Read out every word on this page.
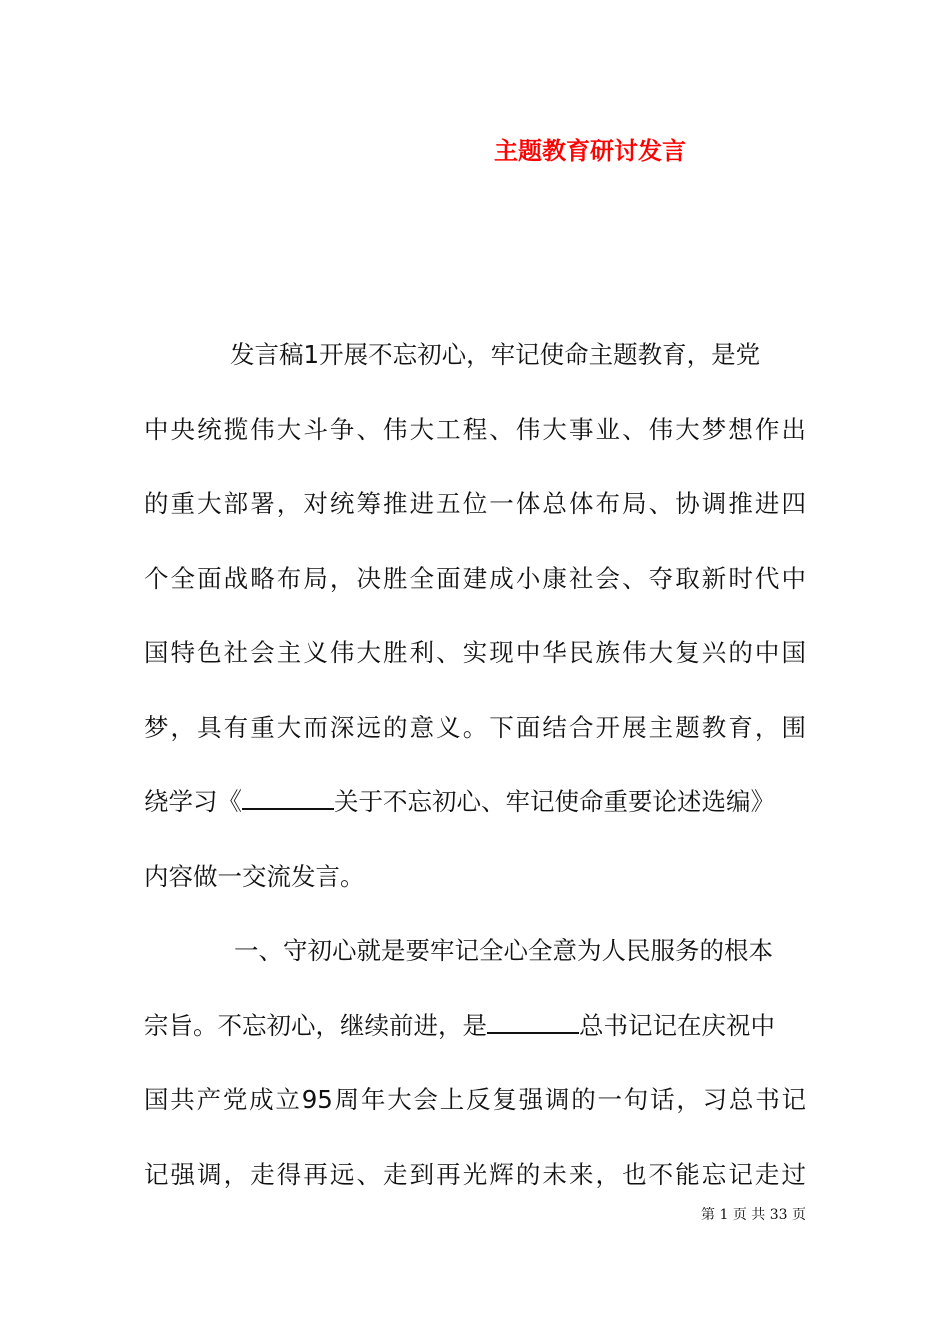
主题教育研讨发言
发言稿1开展不忘初心，牢记使命主题教育，是党
中央统揽伟大斗争、伟大工程、伟大事业、伟大梦想作出
的重大部署，对统筹推进五位一体总体布局、协调推进四
个全面战略布局，决胜全面建成小康社会、夺取新时代中
国特色社会主义伟大胜利、实现中华民族伟大复兴的中国
梦，具有重大而深远的意义。下面结合开展主题教育，围
绕学习《	关于不忘初心、牢记使命重要论述选编》
内容做一交流发言。
一、守初心就是要牢记全心全意为人民服务的根本
宗旨。不忘初心，继续前进，是	总书记记在庆祝中
国共产党成立95周年大会上反复强调的一句话，习总书记
记强调，走得再远、走到再光辉的未来，也不能忘记走过
第 1 页 共 33 页
